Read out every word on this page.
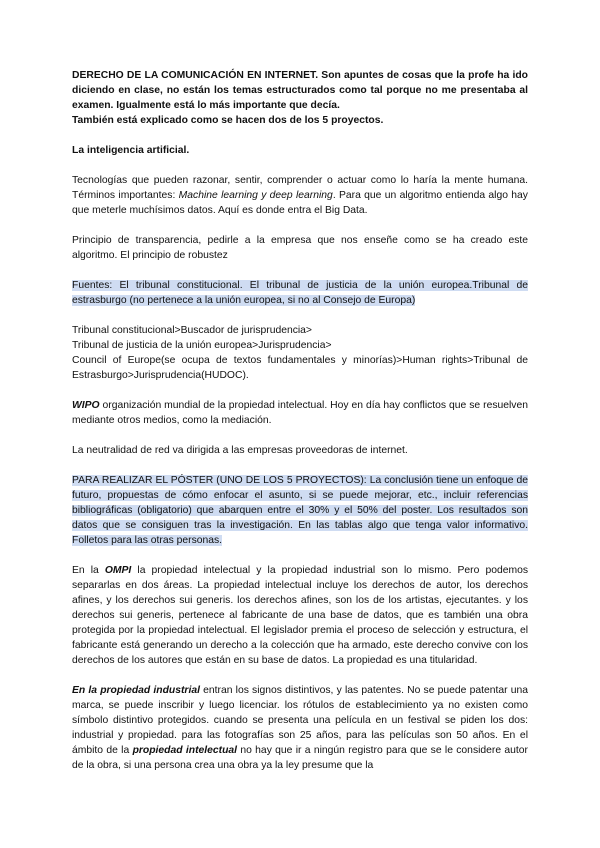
DERECHO DE LA COMUNICACIÓN EN INTERNET. Son apuntes de cosas que la profe ha ido diciendo en clase, no están los temas estructurados como tal porque no me presentaba al examen. Igualmente está lo más importante que decía.
También está explicado como se hacen dos de los 5 proyectos.

La inteligencia artificial.

Tecnologías que pueden razonar, sentir, comprender o actuar como lo haría la mente humana. Términos importantes: Machine learning y deep learning. Para que un algoritmo entienda algo hay que meterle muchísimos datos. Aquí es donde entra el Big Data.

Principio de transparencia, pedirle a la empresa que nos enseñe como se ha creado este algoritmo. El principio de robustez

Fuentes: El tribunal constitucional. El tribunal de justicia de la unión europea.Tribunal de estrasburgo (no pertenece a la unión europea, si no al Consejo de Europa)

Tribunal constitucional>Buscador de jurisprudencia>
Tribunal de justicia de la unión europea>Jurisprudencia>
Council of Europe(se ocupa de textos fundamentales y minorías)>Human rights>Tribunal de Estrasburgo>Jurisprudencia(HUDOC).

WIPO organización mundial de la propiedad intelectual. Hoy en día hay conflictos que se resuelven mediante otros medios, como la mediación.

La neutralidad de red va dirigida a las empresas proveedoras de internet.

PARA REALIZAR EL PÓSTER (UNO DE LOS 5 PROYECTOS): La conclusión tiene un enfoque de futuro, propuestas de cómo enfocar el asunto, si se puede mejorar, etc., incluir referencias bibliográficas (obligatorio) que abarquen entre el 30% y el 50% del poster. Los resultados son datos que se consiguen tras la investigación. En las tablas algo que tenga valor informativo. Folletos para las otras personas.

En la OMPI la propiedad intelectual y la propiedad industrial son lo mismo. Pero podemos separarlas en dos áreas. La propiedad intelectual incluye los derechos de autor, los derechos afines, y los derechos sui generis. los derechos afines, son los de los artistas, ejecutantes. y los derechos sui generis, pertenece al fabricante de una base de datos, que es también una obra protegida por la propiedad intelectual. El legislador premia el proceso de selección y estructura, el fabricante está generando un derecho a la colección que ha armado, este derecho convive con los derechos de los autores que están en su base de datos. La propiedad es una titularidad.

En la propiedad industrial entran los signos distintivos, y las patentes. No se puede patentar una marca, se puede inscribir y luego licenciar. los rótulos de establecimiento ya no existen como símbolo distintivo protegidos. cuando se presenta una película en un festival se piden los dos: industrial y propiedad. para las fotografías son 25 años, para las películas son 50 años. En el ámbito de la propiedad intelectual no hay que ir a ningún registro para que se le considere autor de la obra, si una persona crea una obra ya la ley presume que la
